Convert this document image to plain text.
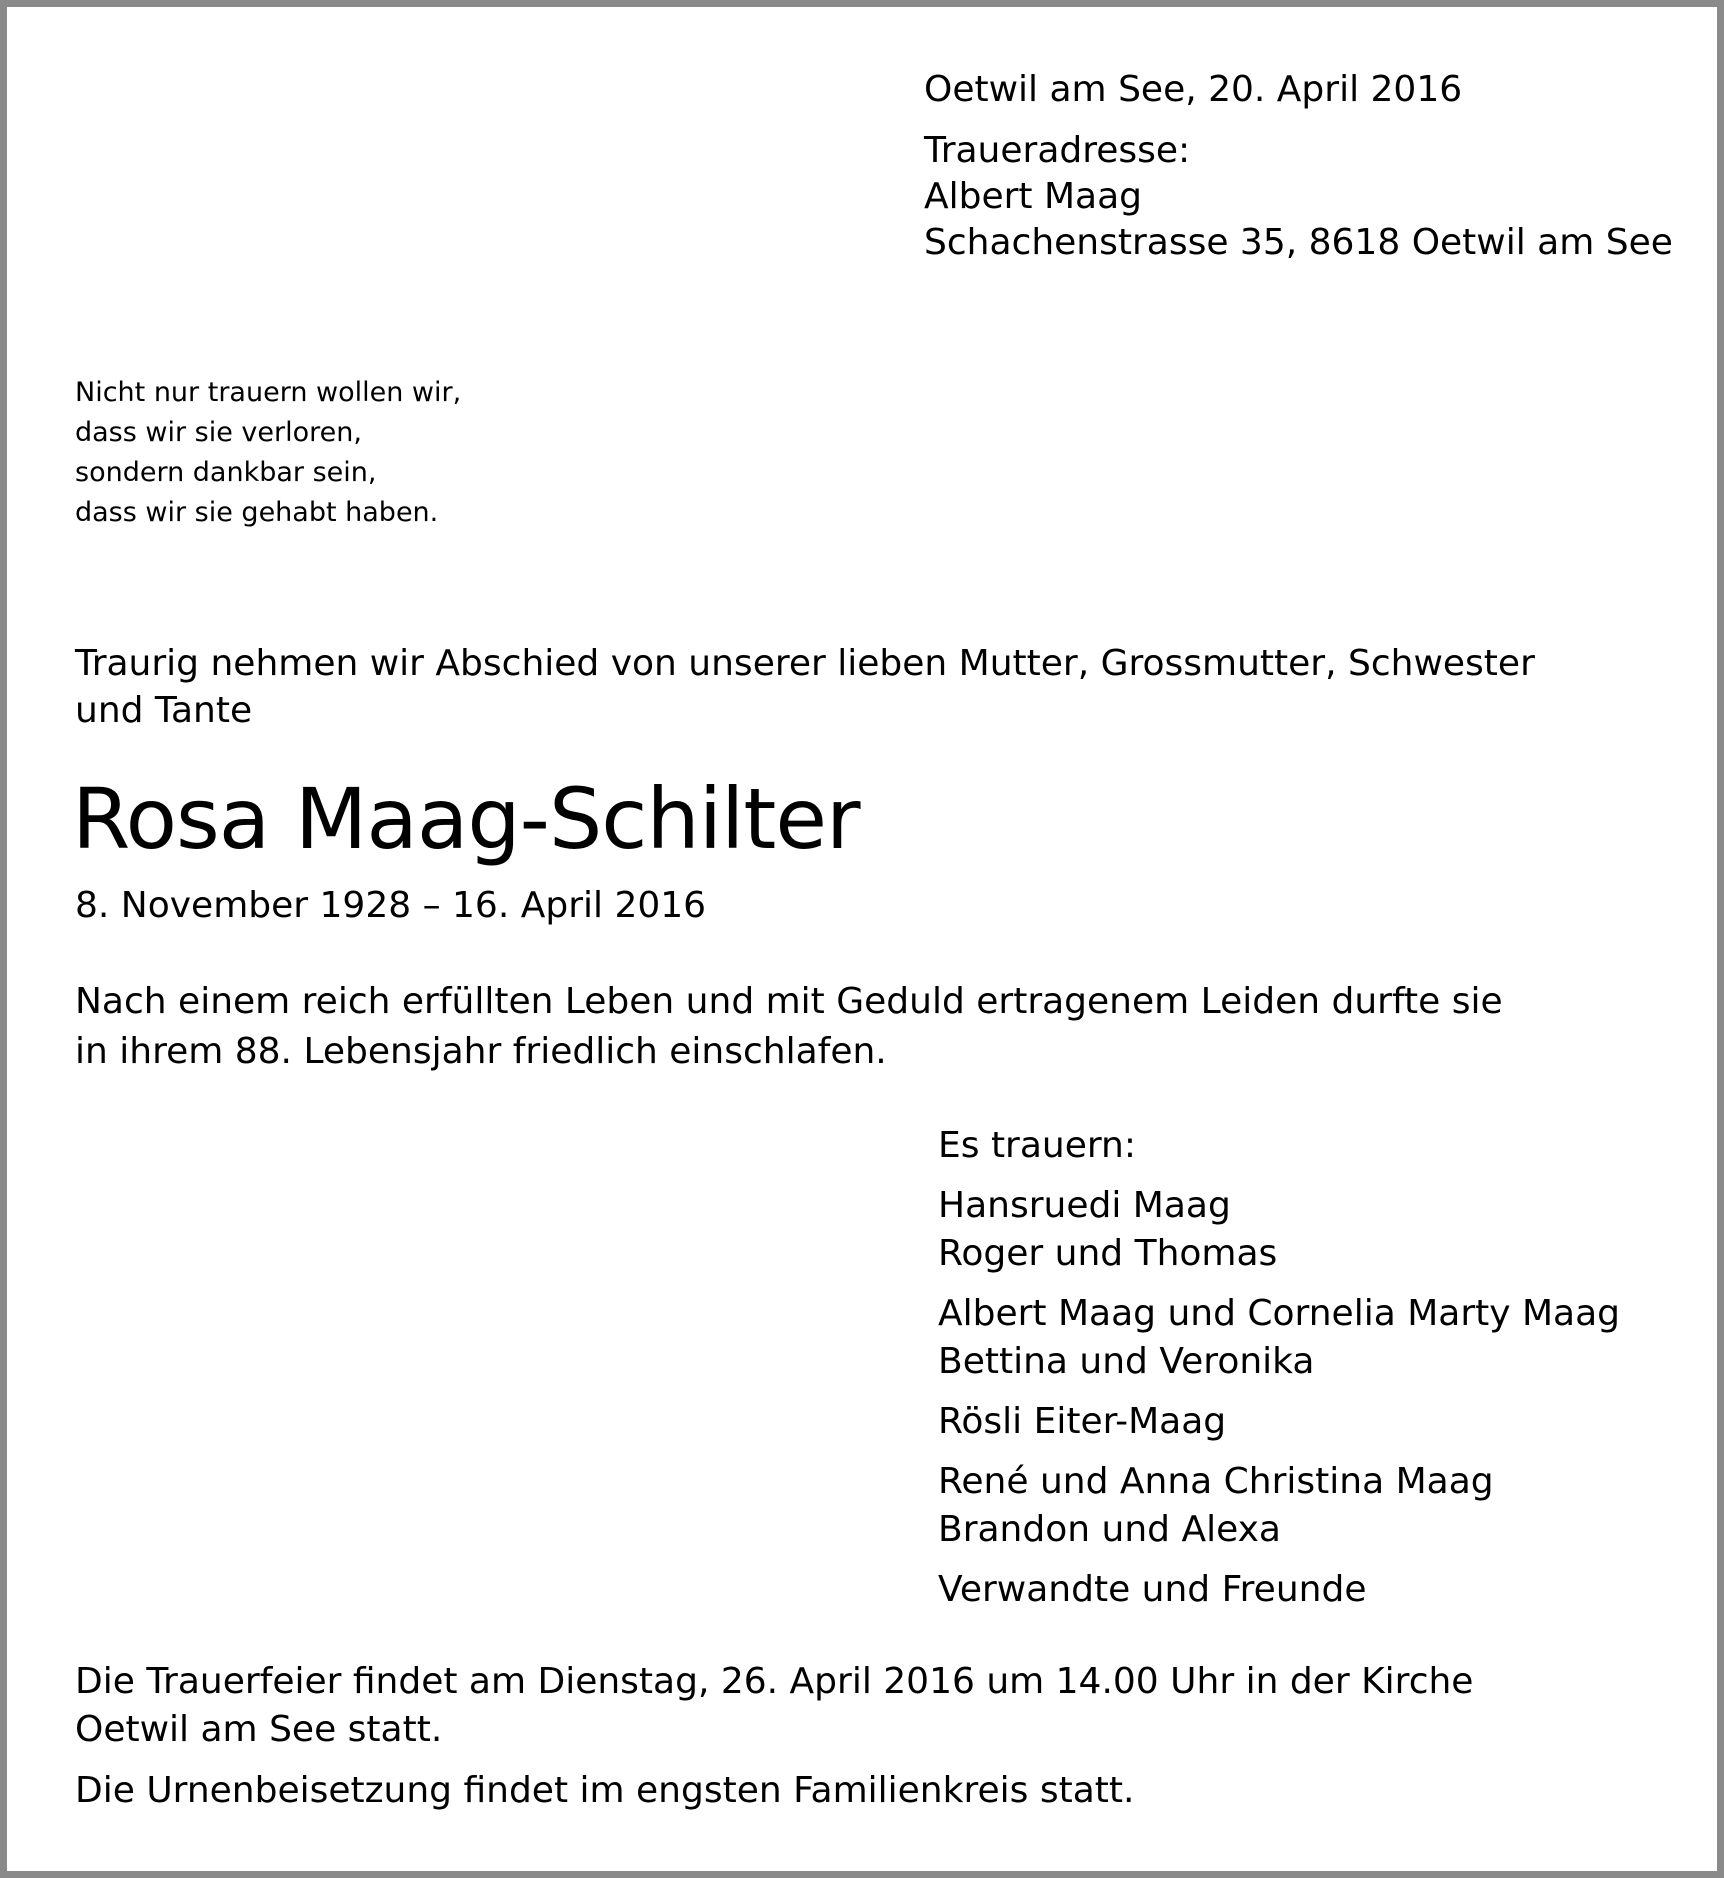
Oetwil am See, 20. April 2016
Traueradresse:
Albert Maag
Schachenstrasse 35, 8618 Oetwil am See
Nicht nur trauern wollen wir,
dass wir sie verloren,
sondern dankbar sein,
dass wir sie gehabt haben.
Traurig nehmen wir Abschied von unserer lieben Mutter, Grossmutter, Schwester
und Tante
Rosa Maag-Schilter
8. November 1928 – 16. April 2016
Nach einem reich erfüllten Leben und mit Geduld ertragenem Leiden durfte sie
in ihrem 88. Lebensjahr friedlich einschlafen.
Es trauern:
Hansruedi Maag
Roger und Thomas
Albert Maag und Cornelia Marty Maag
Bettina und Veronika
Rösli Eiter-Maag
René und Anna Christina Maag
Brandon und Alexa
Verwandte und Freunde
Die Trauerfeier findet am Dienstag, 26. April 2016 um 14.00 Uhr in der Kirche
Oetwil am See statt.
Die Urnenbeisetzung findet im engsten Familienkreis statt.
